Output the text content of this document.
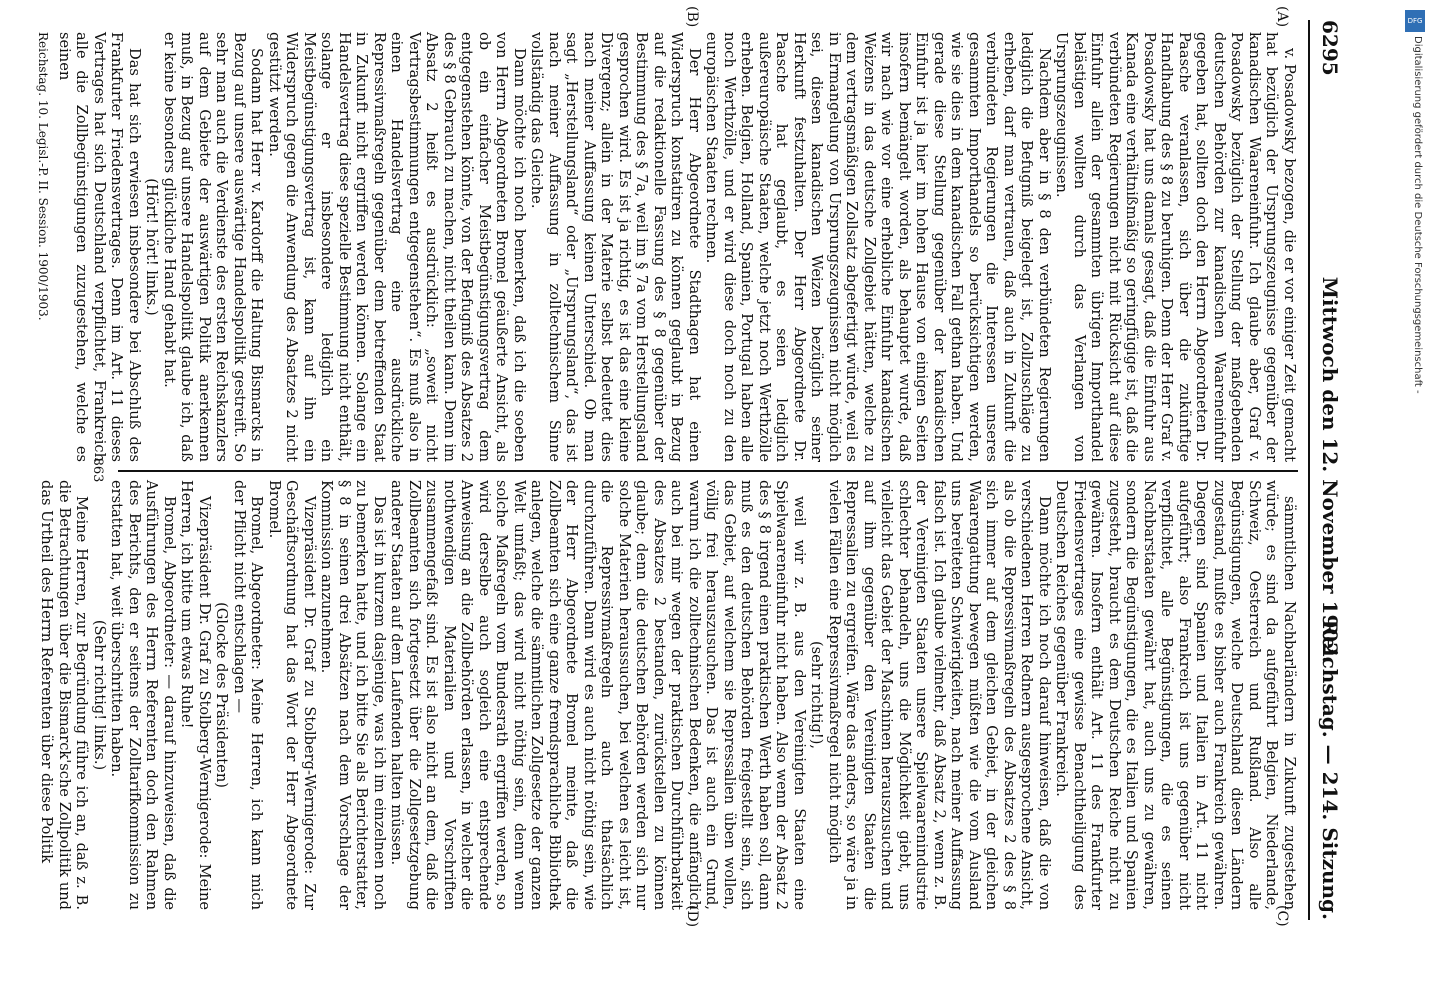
6295
Mittwoch den 12. November 1902.
Reichstag. — 214. Sitzung.

v. Posadowsky bezogen, die er vor einiger Zeit gemacht hat bezüglich der Ursprungszeugnisse gegenüber der kanadischen Waareneinfuhr. Ich glaube aber, Graf v. Posadowsky bezüglich der Stellung der maßgebenden deutschen Behörden zur kanadischen Waareneinfuhr gegeben hat, sollten doch den Herrn Abgeordneten Dr. Paasche veranlassen, sich über die zukünftige Handhabung des § 8 zu beruhigen. Denn der Herr Graf v. Posadowsky hat uns damals gesagt, daß die Einfuhr aus Kanada eine verhältnißmäßig so geringfügige ist, daß die verbündeten Regierungen nicht mit Rücksicht auf diese Einfuhr allein der gesammten übrigen Importhandel belästigen wollten durch das Verlangen von Ursprungszeugnissen.

Nachdem aber in § 8 den verbündeten Regierungen lediglich die Befugniß beigelegt ist, Zollzuschläge zu erheben, darf man vertrauen, daß auch in Zukunft die verbündeten Regierungen die Interessen unseres gesammten Importhandels so berücksichtigen werden, wie sie dies in dem kanadischen Fall gethan haben. Und gerade diese Stellung gegenüber der kanadischen Einfuhr ist ja hier im hohen Hause von einigen Seiten insofern bemängelt worden, als behauptet wurde, daß wir nach wie vor eine erhebliche Einfuhr kanadischen Weizens in das deutsche Zollgebiet hätten, welche zu dem vertragsmäßigen Zollsatz abgefertigt würde, weil es in Ermangelung von Ursprungszeugnissen nicht möglich sei, diesen kanadischen Weizen bezüglich seiner Herkunft festzuhalten. Der Herr Abgeordnete Dr. Paasche hat geglaubt, es seien lediglich außereuropäische Staaten, welche jetzt noch Werthzölle erheben. Belgien, Holland, Spanien, Portugal haben alle noch Werthzölle, und er wird diese doch noch zu den europäischen Staaten rechnen.

Der Herr Abgeordnete Stadthagen hat einen Widerspruch konstatiren zu können geglaubt in Bezug auf die redaktionelle Fassung des § 8 gegenüber der Bestimmung des § 7a, weil im § 7a vom Herstellungsland gesprochen wird. Es ist ja richtig, es ist das eine kleine Divergenz; allein in der Materie selbst bedeutet dies nach meiner Auffassung keinen Unterschied. Ob man sagt „Herstellungsland“ oder „Ursprungsland“, das ist nach meiner Auffassung in zolltechnischem Sinne vollständig das Gleiche.

Dann möchte ich noch bemerken, daß ich die soeben von Herrn Abgeordneten Bromel geäußerte Ansicht, als ob ein einfacher Meistbegünstigungsvertrag dem entgegenstehen könnte, von der Befugniß des Absatzes 2 des § 8 Gebrauch zu machen, nicht theilen kann. Denn im Absatz 2 heißt es ausdrücklich: „soweit nicht Vertragsbestimmungen entgegenstehen“. Es muß also in einen Handelsvertrag eine ausdrückliche Repressivmaßregeln gegenüber dem betreffenden Staat in Zukunft nicht ergriffen werden können. Solange ein Handelsvertrag diese spezielle Bestimmung nicht enthält, solange er insbesondere lediglich ein Meistbegünstigungsvertrag ist, kann auf ihn ein Widerspruch gegen die Anwendung des Absatzes 2 nicht gestützt werden.

Sodann hat Herr v. Kardorff die Haltung Bismarcks in Bezug auf unsere auswärtige Handelspolitik gestreift. So sehr man auch die Verdienste des ersten Reichskanzlers auf dem Gebiete der auswärtigen Politik anerkennen muß, in Bezug auf unsere Handelspolitik glaube ich, daß er keine besonders glückliche Hand gehabt hat.

(Hört! hört! links.)

Das hat sich erwiesen insbesondere bei Abschluß des Frankfurter Friedensvertrages. Denn im Art. 11 dieses Vertrages hat sich Deutschland verpflichtet, Frankreich alle die Zollbegünstigungen zuzugestehen, welche es seinen

Reichstag. 10. Legisl.-P. II. Session. 1900/1903.

sämmtlichen Nachbarländern in Zukunft zugestehen würde; es sind da aufgeführt Belgien, Niederlande, Schweiz, Oesterreich und Rußland. Also alle Begünstigungen, welche Deutschland diesen Ländern zugestand, mußte es bisher auch Frankreich gewähren. Dagegen sind Spanien und Italien in Art. 11 nicht aufgeführt; also Frankreich ist uns gegenüber nicht verpflichtet, alle Begünstigungen, die es seinen Nachbarstaaten gewährt hat, auch uns zu gewähren, sondern die Begünstigungen, die es Italien und Spanien zugesteht, braucht es dem Deutschen Reiche nicht zu gewähren. Insofern enthält Art. 11 des Frankfurter Friedensvertrages eine gewisse Benachtheiligung des Deutschen Reiches gegenüber Frankreich.

Dann möchte ich noch darauf hinweisen, daß die von verschiedenen Herren Rednern ausgesprochene Ansicht, als ob die Repressivmaßregeln des Absatzes 2 des § 8 sich immer auf dem gleichen Gebiet, in der gleichen Waarengattung bewegen müßten wie die vom Ausland uns bereiteten Schwierigkeiten, nach meiner Auffassung falsch ist. Ich glaube vielmehr, daß Absatz 2, wenn z. B. der Vereinigten Staaten unsere Spielwaarenindustrie schlechter behandeln, uns die Möglichkeit giebt, uns vielleicht das Gebiet der Maschinen herauszusuchen und auf ihm gegenüber den Vereinigten Staaten die Repressalien zu ergreifen. Wäre das anders, so wäre ja in vielen Fällen eine Repressivmaßregel nicht möglich

(sehr richtig!),

weil wir z. B. aus den Vereinigten Staaten eine Spielwaareneinfuhr nicht haben. Also wenn der Absatz 2 des § 8 irgend einen praktischen Werth haben soll, dann muß es den deutschen Behörden freigestellt sein, sich das Gebiet, auf welchem sie Repressalien üben wollen, völlig frei herauszusuchen. Das ist auch ein Grund, warum ich die zolltechnischen Bedenken, die anfänglich auch bei mir wegen der praktischen Durchführbarkeit des Absatzes 2 bestanden, zurückstellen zu können glaube; denn die deutschen Behörden werden sich nur solche Materien heraussuchen, bei welchen es leicht ist, die Repressivmaßregeln auch thatsächlich durchzuführen. Dann wird es auch nicht nöthig sein, wie der Herr Abgeordnete Bromel meinte, daß die Zollbeamten sich eine ganze fremdsprachliche Bibliothek anlegen, welche die sämmtlichen Zollgesetze der ganzen Welt umfaßt; das wird nicht nöthig sein, denn wenn solche Maßregeln vom Bundesrath ergriffen werden, so wird derselbe auch sogleich eine entsprechende Anweisung an die Zollbehörden erlassen, in welcher die nothwendigen Materialien und Vorschriften zusammengefaßt sind. Es ist also nicht an dem, daß die Zollbeamten sich fortgesetzt über die Zollgesetzgebung anderer Staaten auf dem Laufenden halten müssen.

Das ist in kurzem dasjenige, was ich im einzelnen noch zu bemerken hatte, und ich bitte Sie als Berichterstatter, § 8 in seinen drei Absätzen nach dem Vorschlage der Kommission anzunehmen.

Vizepräsident Dr. Graf zu Stolberg-Wernigerode: Zur Geschäftsordnung hat das Wort der Herr Abgeordnete Bromel.

Bromel, Abgeordneter: Meine Herren, ich kann mich der Pflicht nicht entschlagen —

(Glocke des Präsidenten)

Vizepräsident Dr. Graf zu Stolberg-Wernigerode: Meine Herren, ich bitte um etwas Ruhe!

Bromel, Abgeordneter: — darauf hinzuweisen, daß die Ausführungen des Herrn Referenten doch den Rahmen des Berichts, den er seitens der Zolltarifkommission zu erstatten hat, weit überschritten haben.

(Sehr richtig! links.)

Meine Herren, zur Begründung führe ich an, daß z. B. die Betrachtungen über die Bismarck'sche Zollpolitik und das Urtheil des Herrn Referenten über diese Politik

(A)
(B)
(C)
(D)
863
DFG
Digitalisierung gefördert durch die Deutsche Forschungsgemeinschaft -
